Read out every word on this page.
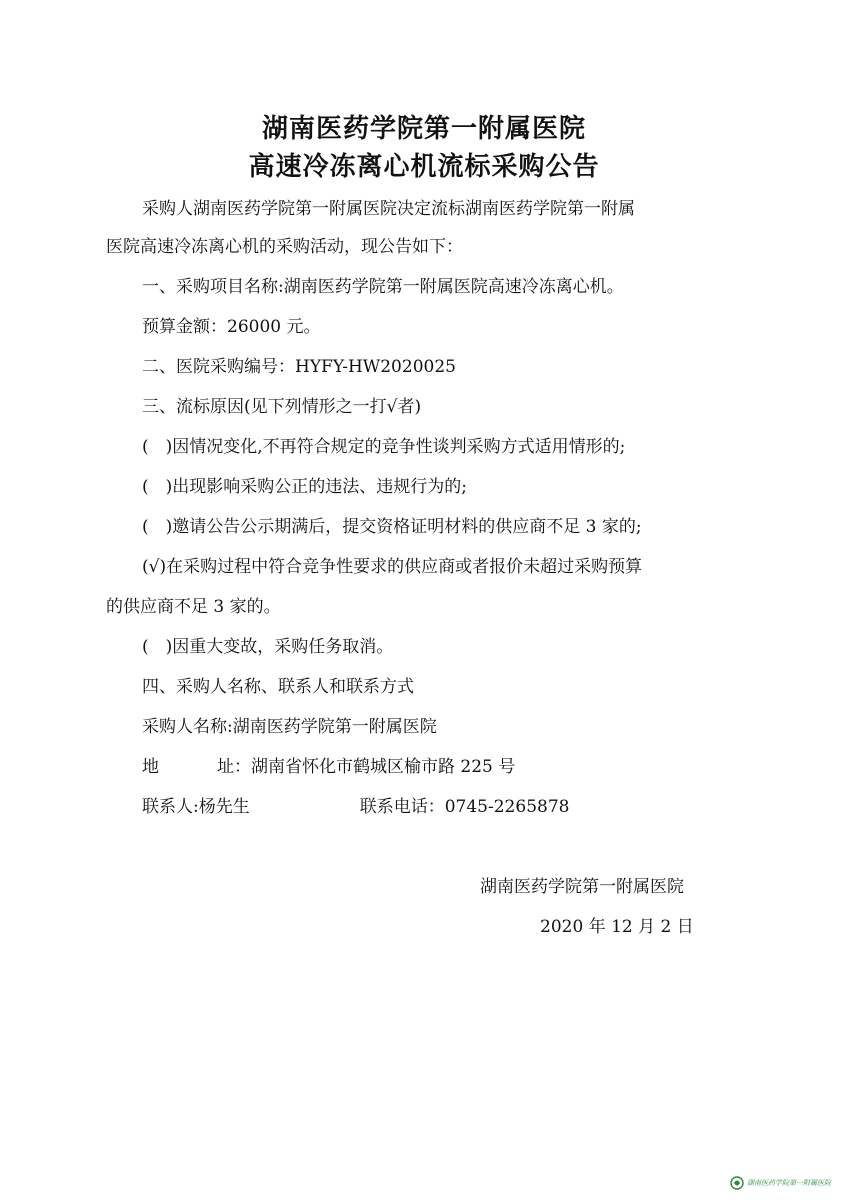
湖南医药学院第一附属医院
高速冷冻离心机流标采购公告

采购人湖南医药学院第一附属医院决定流标湖南医药学院第一附属

医院高速冷冻离心机的采购活动，现公告如下：

一、采购项目名称:湖南医药学院第一附属医院高速冷冻离心机。

预算金额：26000 元。

二、医院采购编号：HYFY-HW2020025

三、流标原因(见下列情形之一打√者)

(　)因情况变化,不再符合规定的竞争性谈判采购方式适用情形的;

(　)出现影响采购公正的违法、违规行为的;

(　)邀请公告公示期满后，提交资格证明材料的供应商不足 3 家的;

(√)在采购过程中符合竞争性要求的供应商或者报价未超过采购预算

的供应商不足 3 家的。

(　)因重大变故，采购任务取消。

四、采购人名称、联系人和联系方式

采购人名称:湖南医药学院第一附属医院

地	址：湖南省怀化市鹤城区榆市路 225 号

联系人:杨先生	联系电话：0745-2265878

湖南医药学院第一附属医院

2020 年 12 月 2 日

湖南医药学院第一附属医院
